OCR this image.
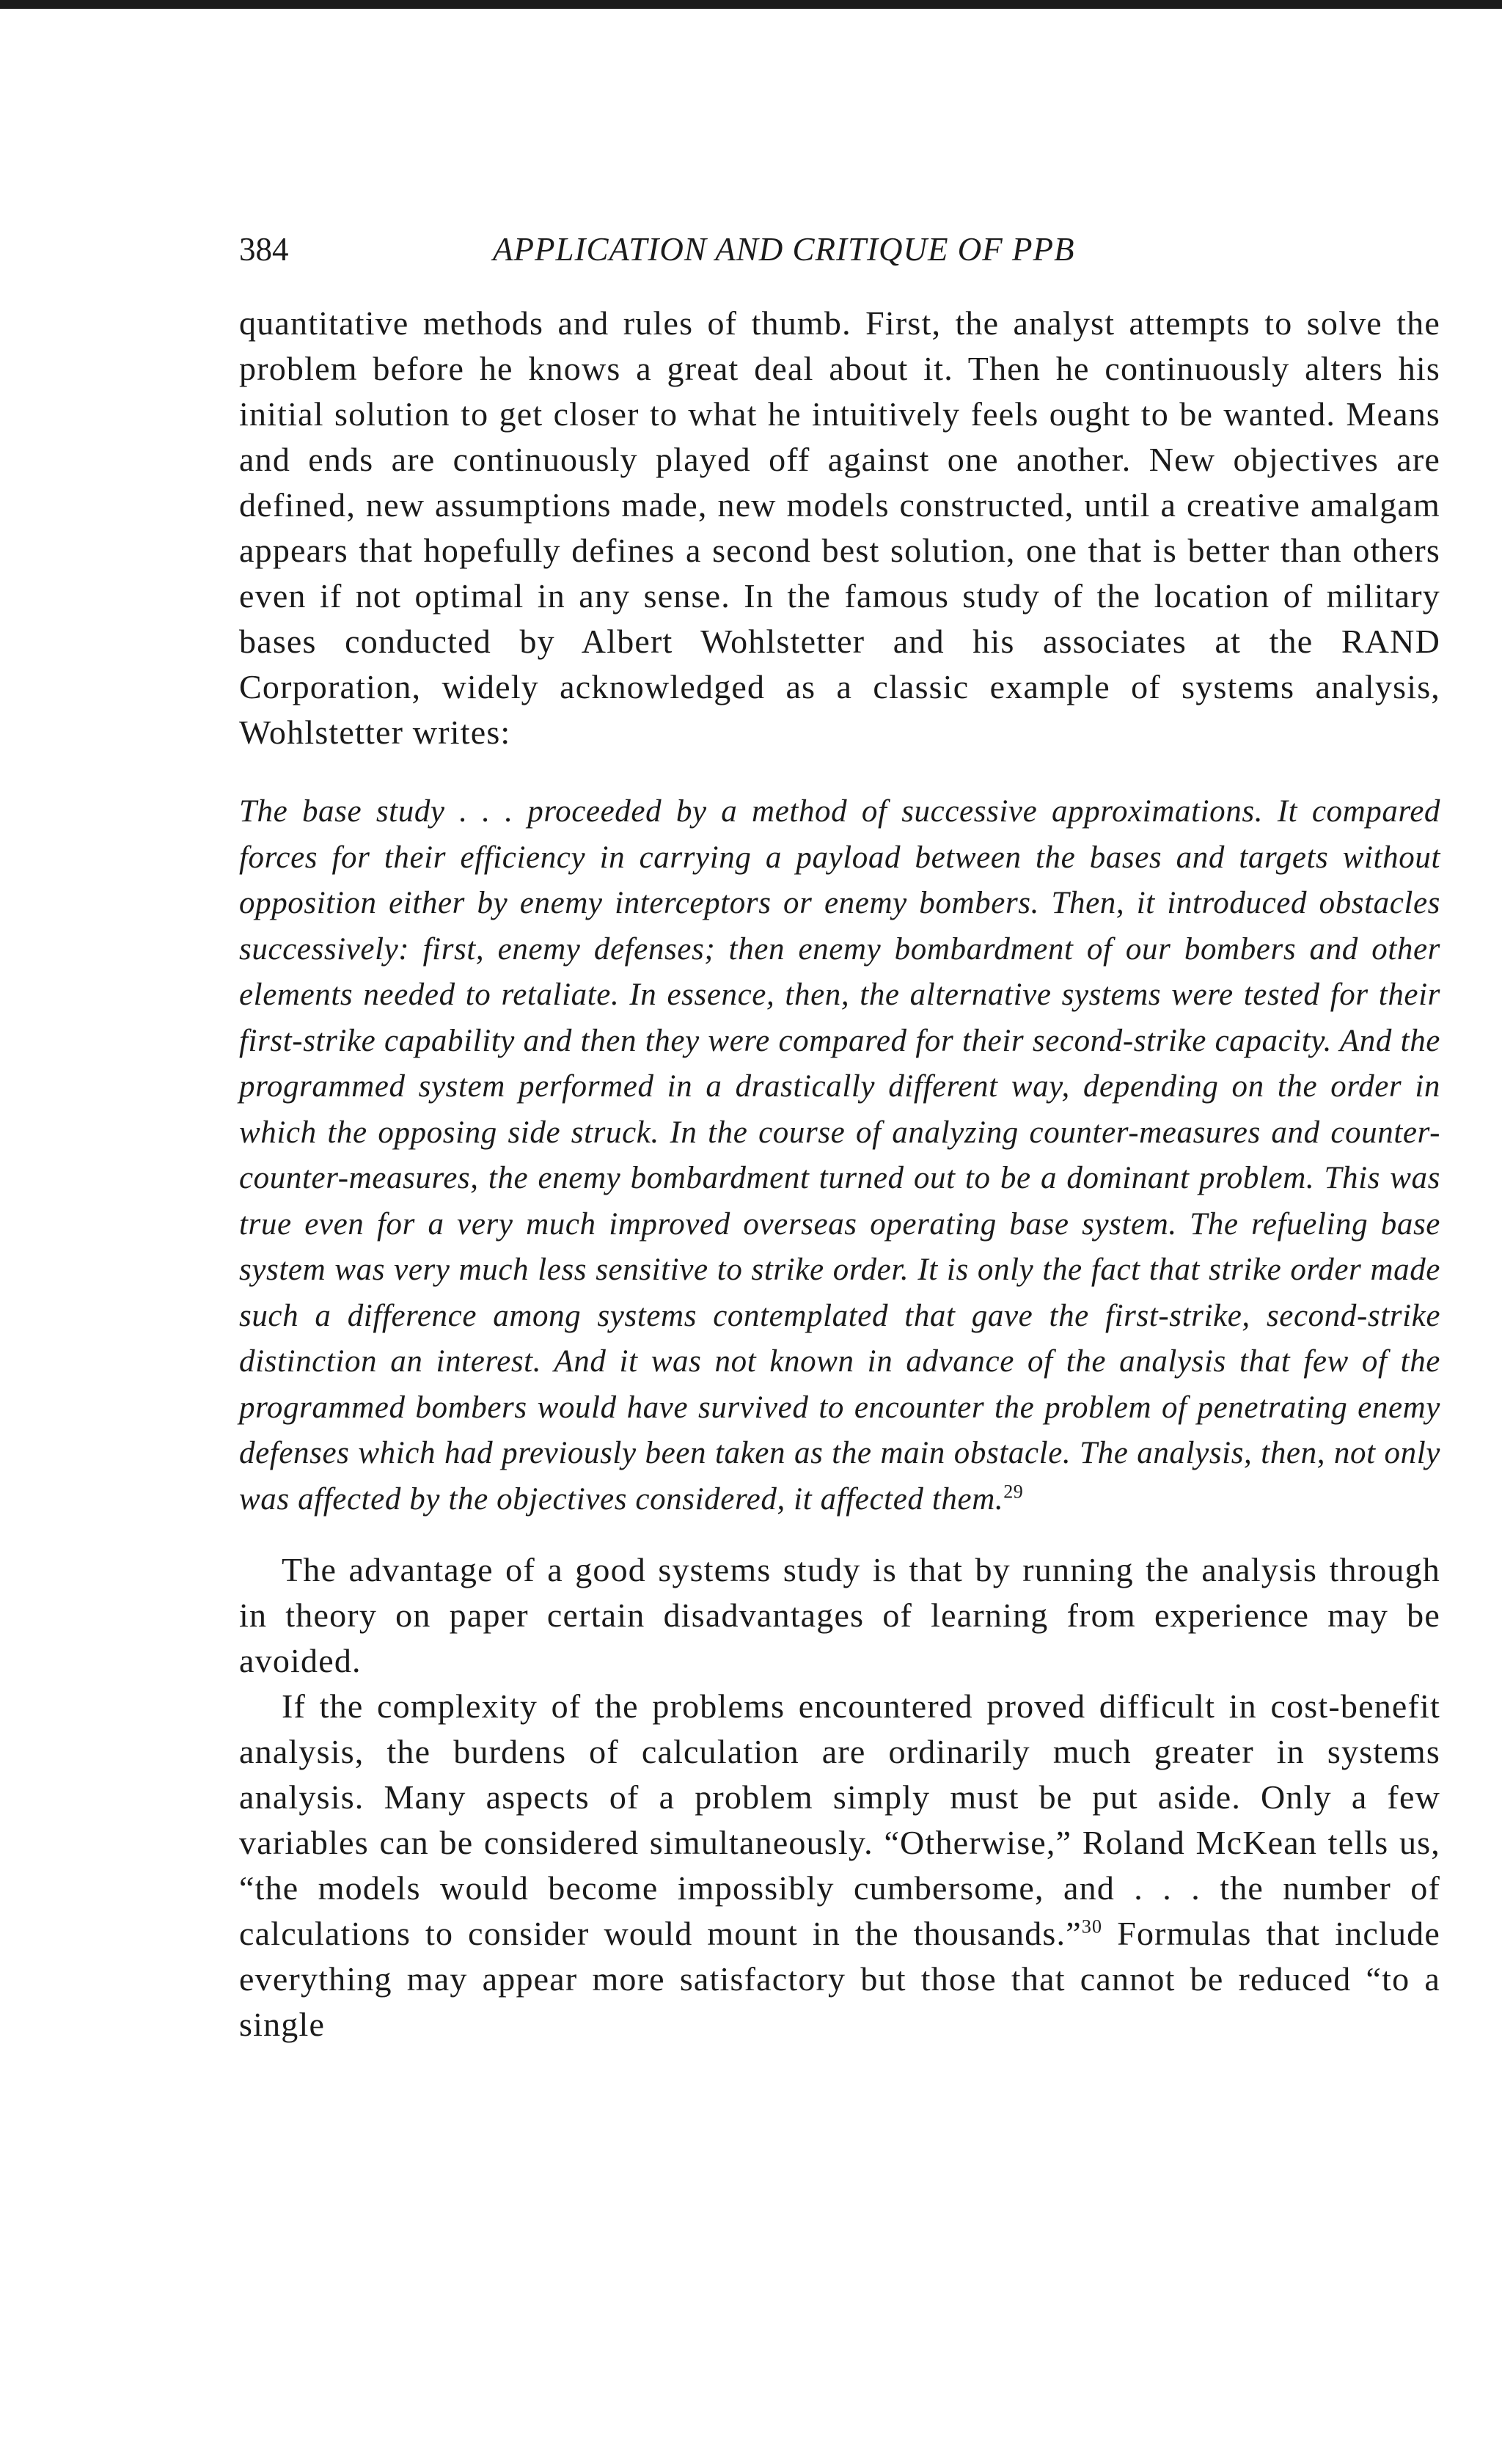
384	APPLICATION AND CRITIQUE OF PPB

quantitative methods and rules of thumb. First, the analyst attempts to solve the problem before he knows a great deal about it. Then he continuously alters his initial solution to get closer to what he intuitively feels ought to be wanted. Means and ends are continuously played off against one another. New objectives are defined, new assumptions made, new models constructed, until a creative amalgam appears that hopefully defines a second best solution, one that is better than others even if not optimal in any sense. In the famous study of the location of military bases conducted by Albert Wohlstetter and his associates at the RAND Corporation, widely acknowledged as a classic example of systems analysis, Wohlstetter writes:

The base study . . . proceeded by a method of successive approximations. It compared forces for their efficiency in carrying a payload between the bases and targets without opposition either by enemy interceptors or enemy bombers. Then, it introduced obstacles successively: first, enemy defenses; then enemy bombardment of our bombers and other elements needed to retaliate. In essence, then, the alternative systems were tested for their first-strike capability and then they were compared for their second-strike capacity. And the programmed system performed in a drastically different way, depending on the order in which the opposing side struck. In the course of analyzing counter-measures and counter-counter-measures, the enemy bombardment turned out to be a dominant problem. This was true even for a very much improved overseas operating base system. The refueling base system was very much less sensitive to strike order. It is only the fact that strike order made such a difference among systems contemplated that gave the first-strike, second-strike distinction an interest. And it was not known in advance of the analysis that few of the programmed bombers would have survived to encounter the problem of penetrating enemy defenses which had previously been taken as the main obstacle. The analysis, then, not only was affected by the objectives considered, it affected them.$^{29}$

The advantage of a good systems study is that by running the analysis through in theory on paper certain disadvantages of learning from experience may be avoided.

If the complexity of the problems encountered proved difficult in cost-benefit analysis, the burdens of calculation are ordinarily much greater in systems analysis. Many aspects of a problem simply must be put aside. Only a few variables can be considered simultaneously. “Otherwise,” Roland McKean tells us, “the models would become impossibly cumbersome, and . . . the number of calculations to consider would mount in the thousands.”$^{30}$ Formulas that include everything may appear more satisfactory but those that cannot be reduced “to a single
